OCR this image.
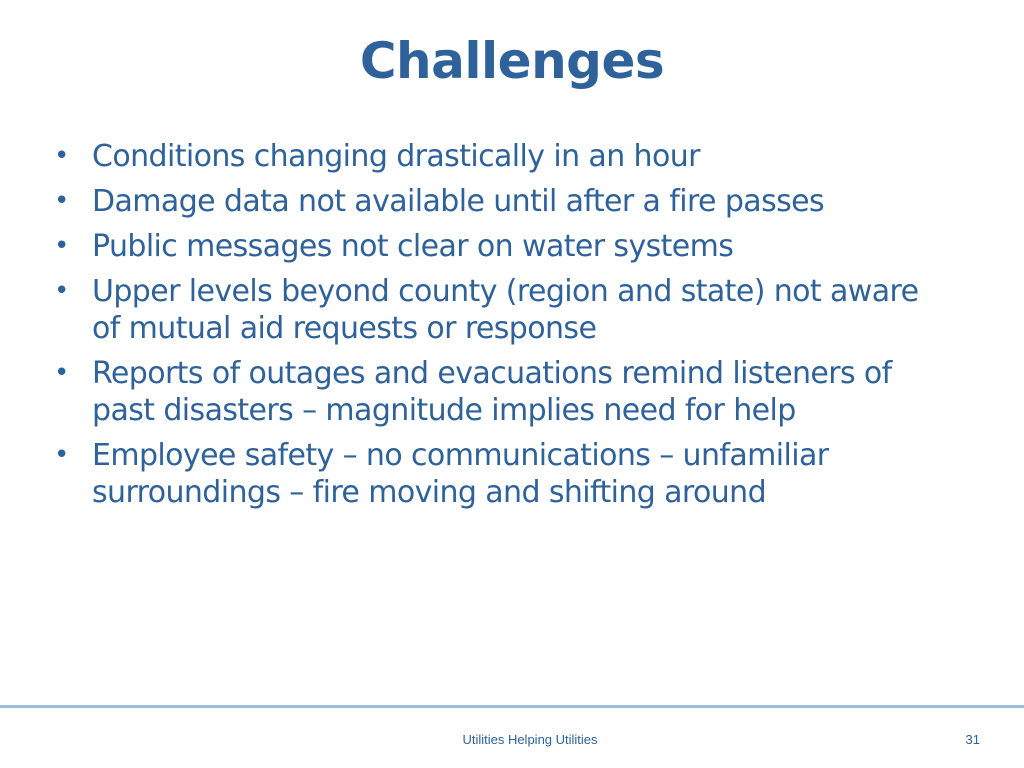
Challenges
• Conditions changing drastically in an hour
• Damage data not available until after a fire passes
• Public messages not clear on water systems
• Upper levels beyond county (region and state) not aware of mutual aid requests or response
• Reports of outages and evacuations remind listeners of past disasters – magnitude implies need for help
• Employee safety – no communications – unfamiliar surroundings – fire moving and shifting around
Utilities Helping Utilities	31
